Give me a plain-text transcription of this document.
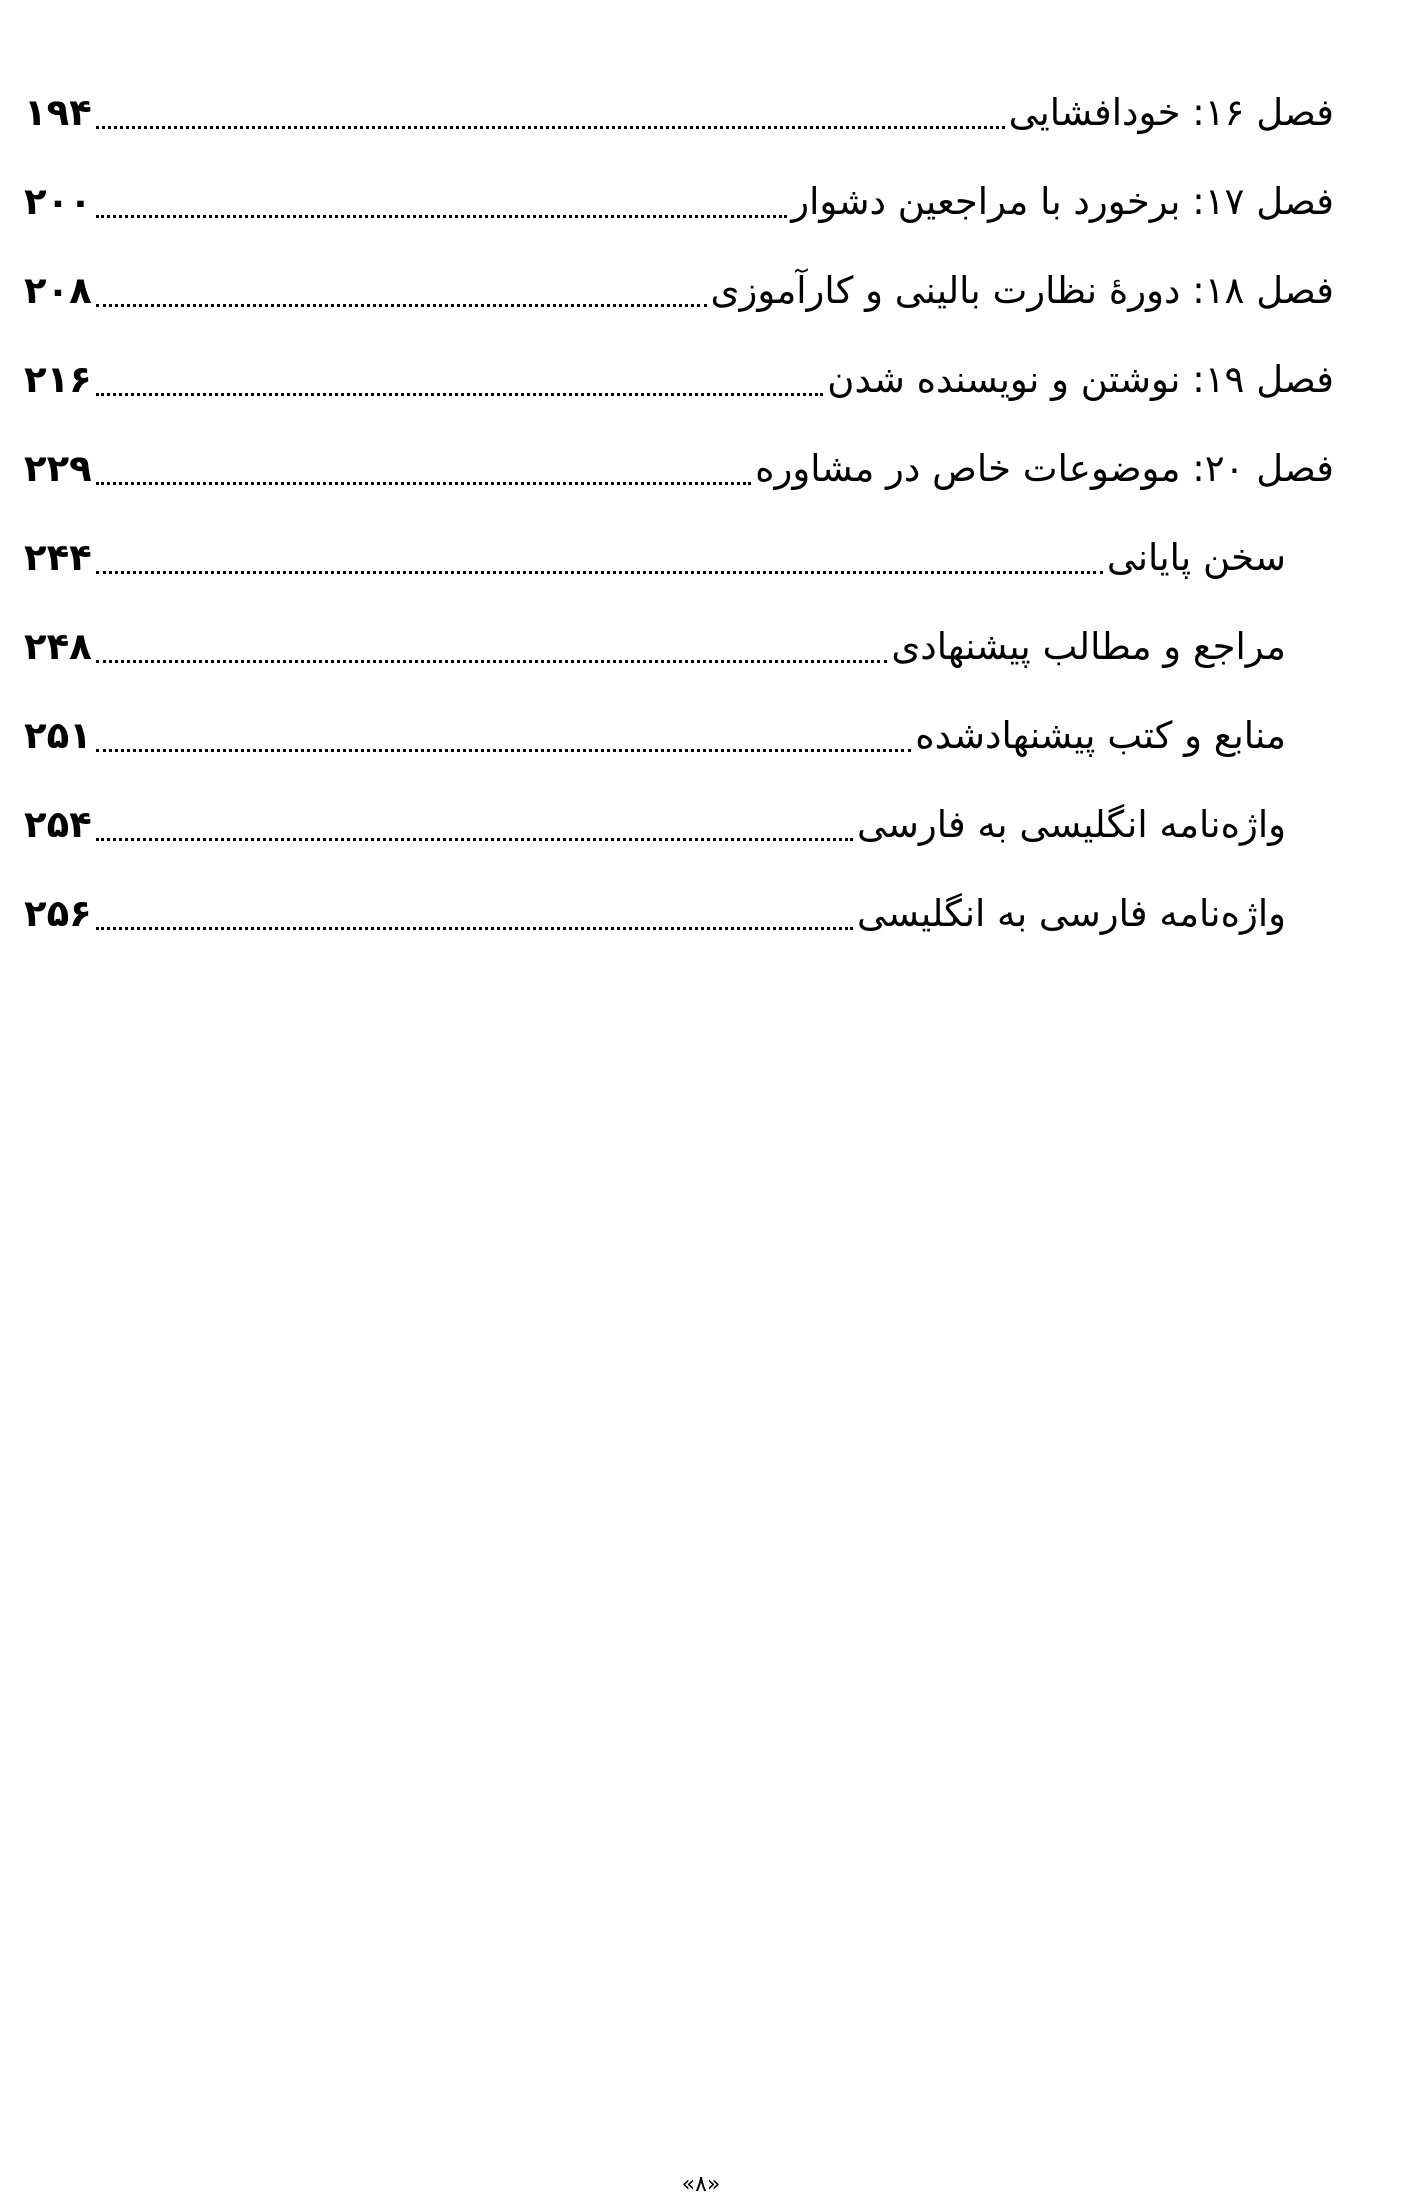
فصل ۱۶: خودافشایی
۱۹۴
فصل ۱۷: برخورد با مراجعین دشوار
۲۰۰
فصل ۱۸: دورهٔ نظارت بالینی و کارآموزی
۲۰۸
فصل ۱۹: نوشتن و نویسنده شدن
۲۱۶
فصل ۲۰: موضوعات خاص در مشاوره
۲۲۹
سخن پایانی
۲۴۴
مراجع و مطالب پیشنهادی
۲۴۸
منابع و کتب پیشنهادشده
۲۵۱
واژه‌نامه انگلیسی به فارسی
۲۵۴
واژه‌نامه فارسی به انگلیسی
۲۵۶
«۸»
